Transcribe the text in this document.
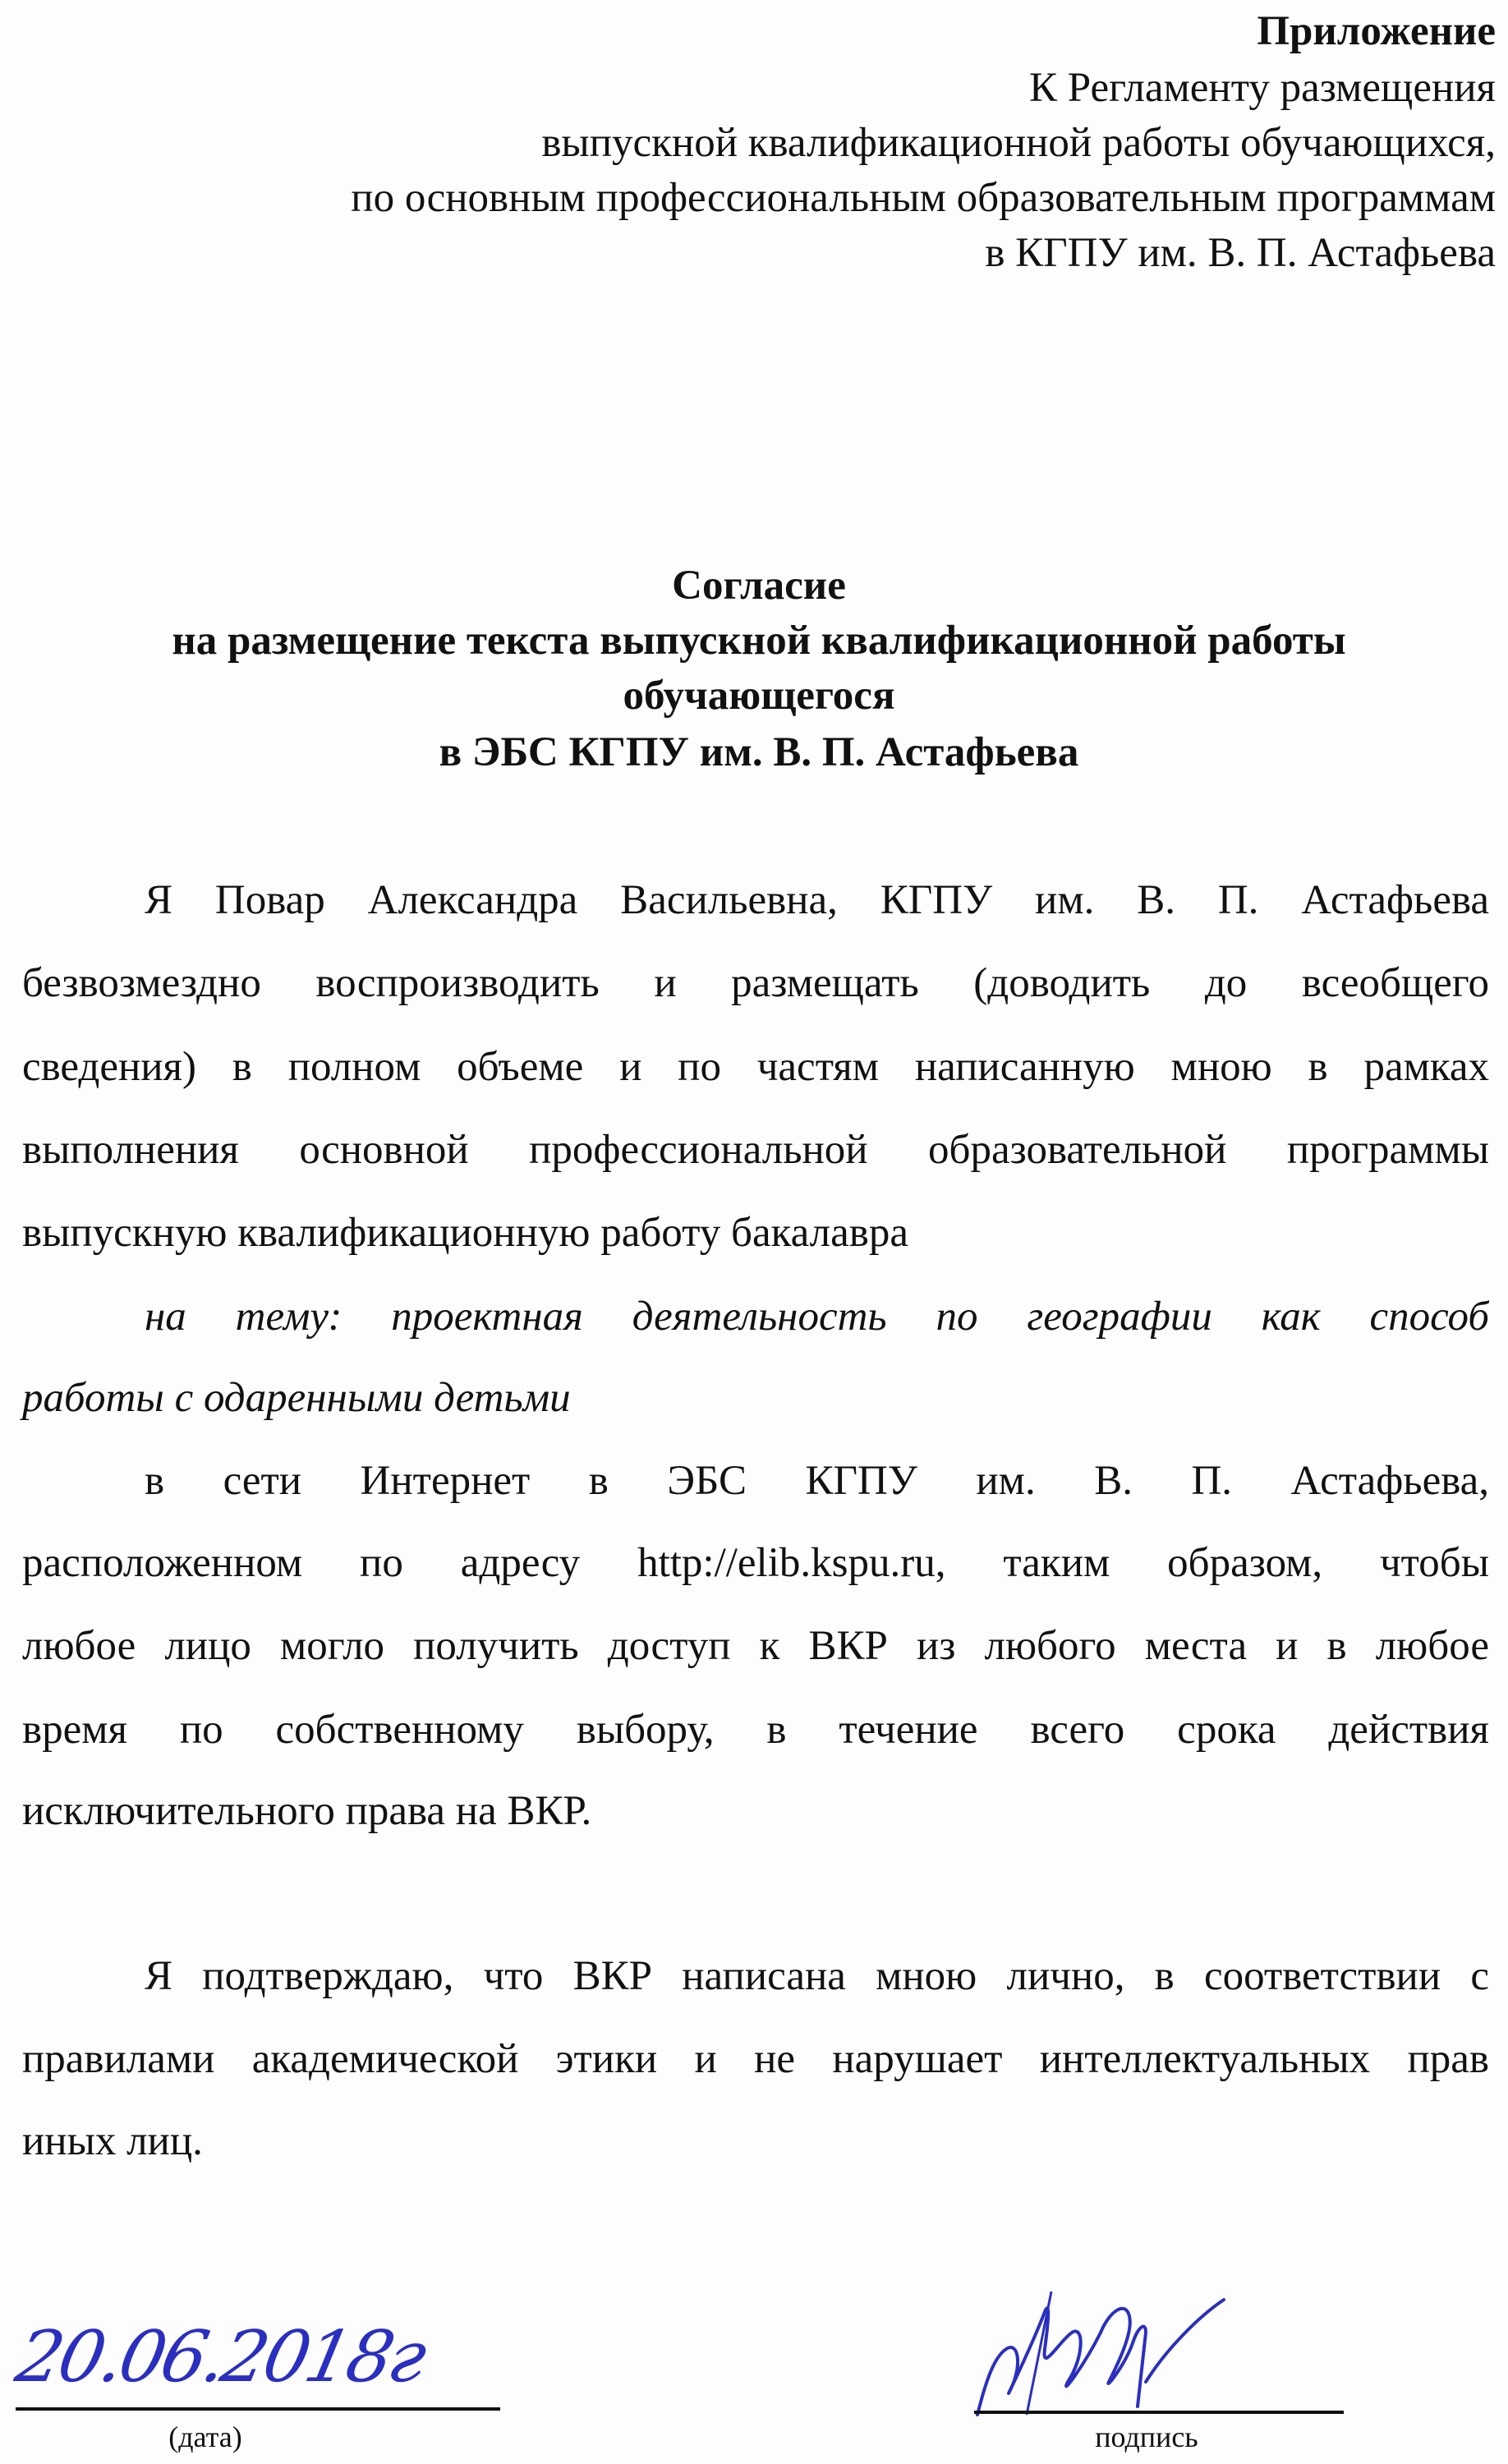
Приложение
К Регламенту размещения
выпускной квалификационной работы обучающихся,
по основным профессиональным образовательным программам
в КГПУ им. В. П. Астафьева
Согласие
на размещение текста выпускной квалификационной работы
обучающегося
в ЭБС КГПУ им. В. П. Астафьева
Я Повар Александра Васильевна, КГПУ им. В. П. Астафьева
безвозмездно воспроизводить и размещать (доводить до всеобщего
сведения) в полном объеме и по частям написанную мною в рамках
выполнения основной профессиональной образовательной программы
выпускную квалификационную работу бакалавра
на тему: проектная деятельность по географии как способ
работы с одаренными детьми
в сети Интернет в ЭБС КГПУ им. В. П. Астафьева,
расположенном по адресу http://elib.kspu.ru, таким образом, чтобы
любое лицо могло получить доступ к ВКР из любого места и в любое
время по собственному выбору, в течение всего срока действия
исключительного права на ВКР.
Я подтверждаю, что ВКР написана мною лично, в соответствии с
правилами академической этики и не нарушает интеллектуальных прав
иных лиц.
20.06.2018г
(дата)	подпись
